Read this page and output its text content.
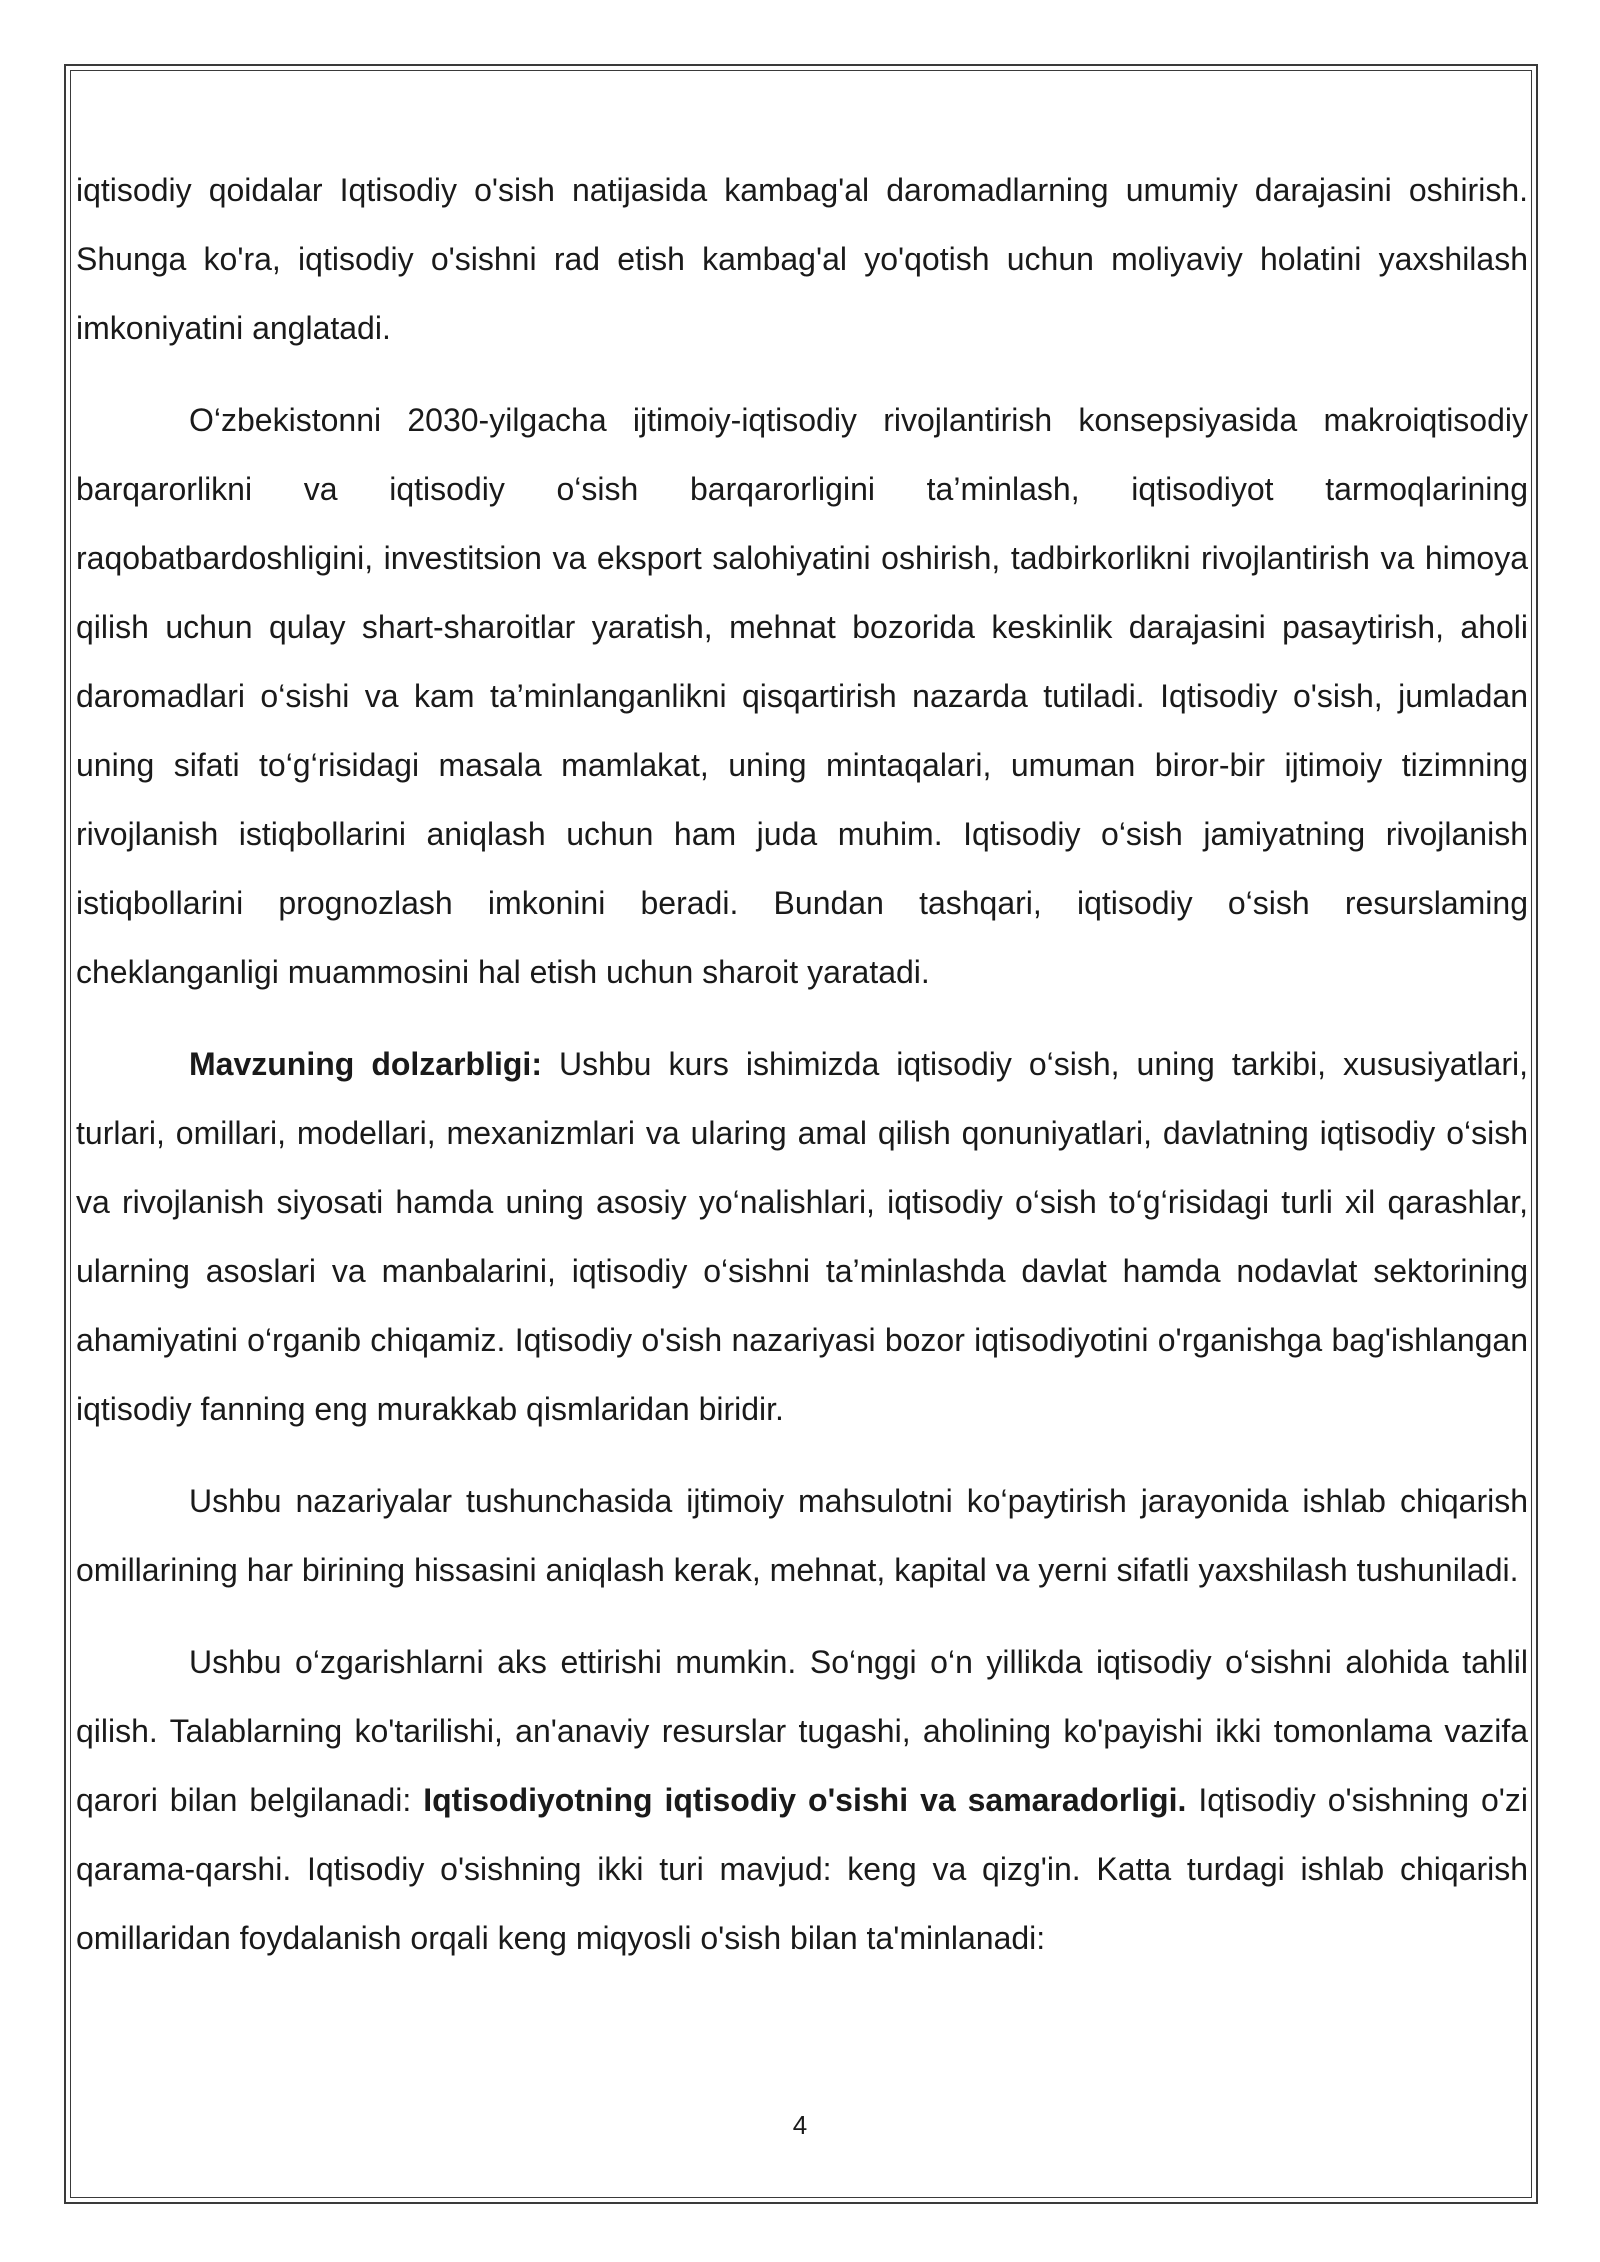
iqtisodiy qoidalar Iqtisodiy o'sish natijasida kambag'al daromadlarning umumiy darajasini oshirish. Shunga ko'ra, iqtisodiy o'sishni rad etish kambag'al yo'qotish uchun moliyaviy holatini yaxshilash imkoniyatini anglatadi.

O‘zbekistonni 2030-yilgacha ijtimoiy-iqtisodiy rivojlantirish konsepsiyasida makroiqtisodiy barqarorlikni va iqtisodiy o‘sish barqarorligini ta’minlash, iqtisodiyot tarmoqlarining raqobatbardoshligini, investitsion va eksport salohiyatini oshirish, tadbirkorlikni rivojlantirish va himoya qilish uchun qulay shart-sharoitlar yaratish, mehnat bozorida keskinlik darajasini pasaytirish, aholi daromadlari o‘sishi va kam ta’minlanganlikni qisqartirish nazarda tutiladi. Iqtisodiy o'sish, jumladan uning sifati to‘g‘risidagi masala mamlakat, uning mintaqalari, umuman biror-bir ijtimoiy tizimning rivojlanish istiqbollarini aniqlash uchun ham juda muhim. Iqtisodiy o‘sish jamiyatning rivojlanish istiqbollarini prognozlash imkonini beradi. Bundan tashqari, iqtisodiy o‘sish resurslaming cheklanganligi muammosini hal etish uchun sharoit yaratadi.

Mavzuning dolzarbligi: Ushbu kurs ishimizda iqtisodiy o‘sish, uning tarkibi, xususiyatlari, turlari, omillari, modellari, mexanizmlari va ularing amal qilish qonuniyatlari, davlatning iqtisodiy o‘sish va rivojlanish siyosati hamda uning asosiy yo‘nalishlari, iqtisodiy o‘sish to‘g‘risidagi turli xil qarashlar, ularning asoslari va manbalarini, iqtisodiy o‘sishni ta’minlashda davlat hamda nodavlat sektorining ahamiyatini o‘rganib chiqamiz. Iqtisodiy o'sish nazariyasi bozor iqtisodiyotini o'rganishga bag'ishlangan iqtisodiy fanning eng murakkab qismlaridan biridir.

Ushbu nazariyalar tushunchasida ijtimoiy mahsulotni ko‘paytirish jarayonida ishlab chiqarish omillarining har birining hissasini aniqlash kerak, mehnat, kapital va yerni sifatli yaxshilash tushuniladi.

Ushbu o‘zgarishlarni aks ettirishi mumkin. So‘nggi o‘n yillikda iqtisodiy o‘sishni alohida tahlil qilish. Talablarning ko'tarilishi, an'anaviy resurslar tugashi, aholining ko'payishi ikki tomonlama vazifa qarori bilan belgilanadi: Iqtisodiyotning iqtisodiy o'sishi va samaradorligi. Iqtisodiy o'sishning o'zi qarama-qarshi. Iqtisodiy o'sishning ikki turi mavjud: keng va qizg'in. Katta turdagi ishlab chiqarish omillaridan foydalanish orqali keng miqyosli o'sish bilan ta'minlanadi:

4
